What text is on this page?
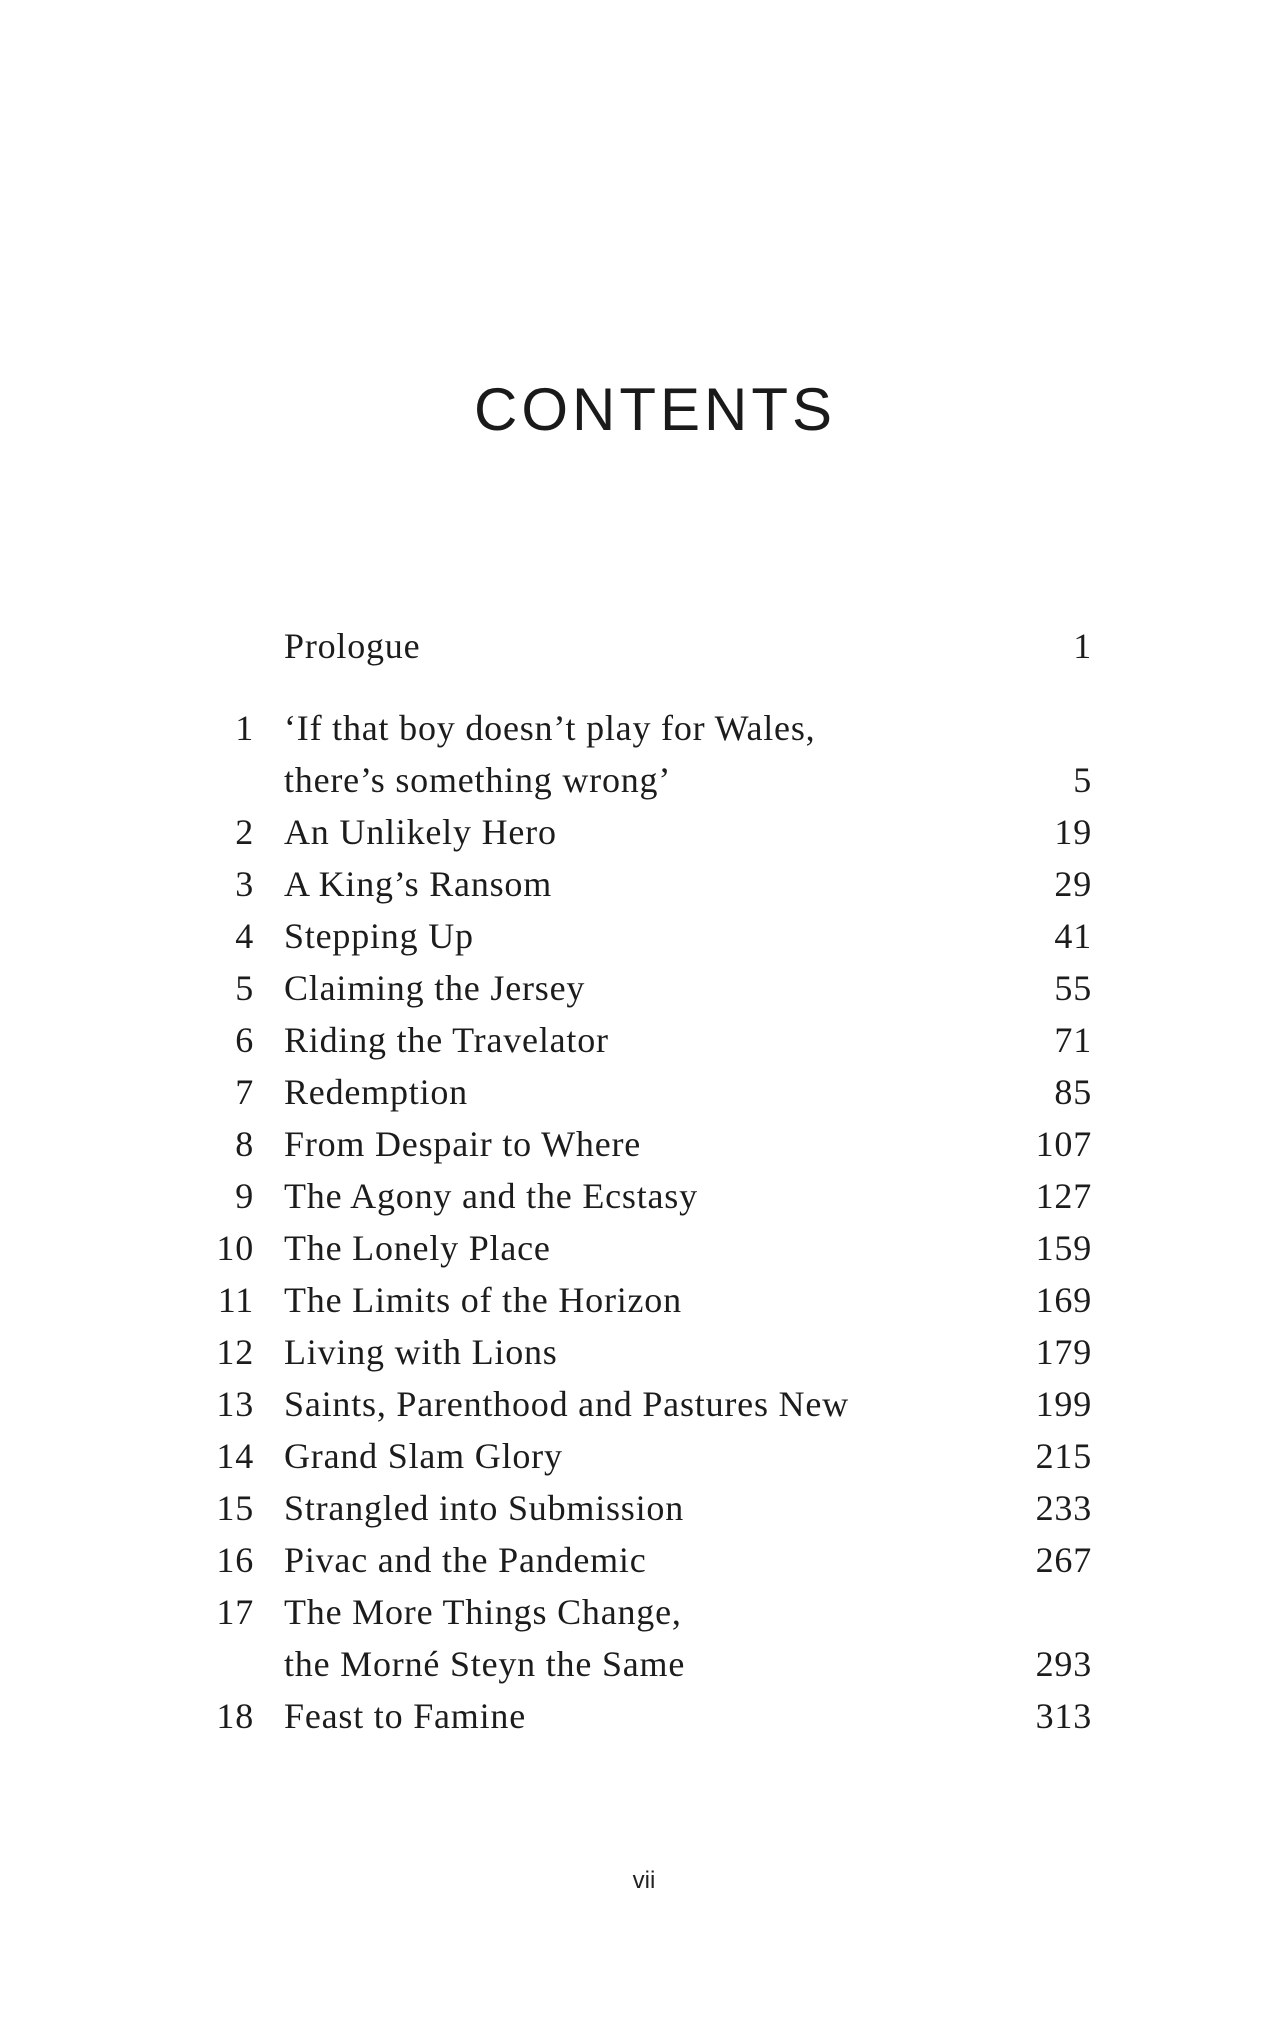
CONTENTS
Prologue	1
1 ‘If that boy doesn’t play for Wales,
there’s something wrong’	5
2 An Unlikely Hero	19
3 A King’s Ransom	29
4 Stepping Up	41
5 Claiming the Jersey	55
6 Riding the Travelator	71
7 Redemption	85
8 From Despair to Where	107
9 The Agony and the Ecstasy	127
10 The Lonely Place	159
11 The Limits of the Horizon	169
12 Living with Lions	179
13 Saints, Parenthood and Pastures New	199
14 Grand Slam Glory	215
15 Strangled into Submission	233
16 Pivac and the Pandemic	267
17 The More Things Change,
the Morné Steyn the Same	293
18 Feast to Famine	313
vii
